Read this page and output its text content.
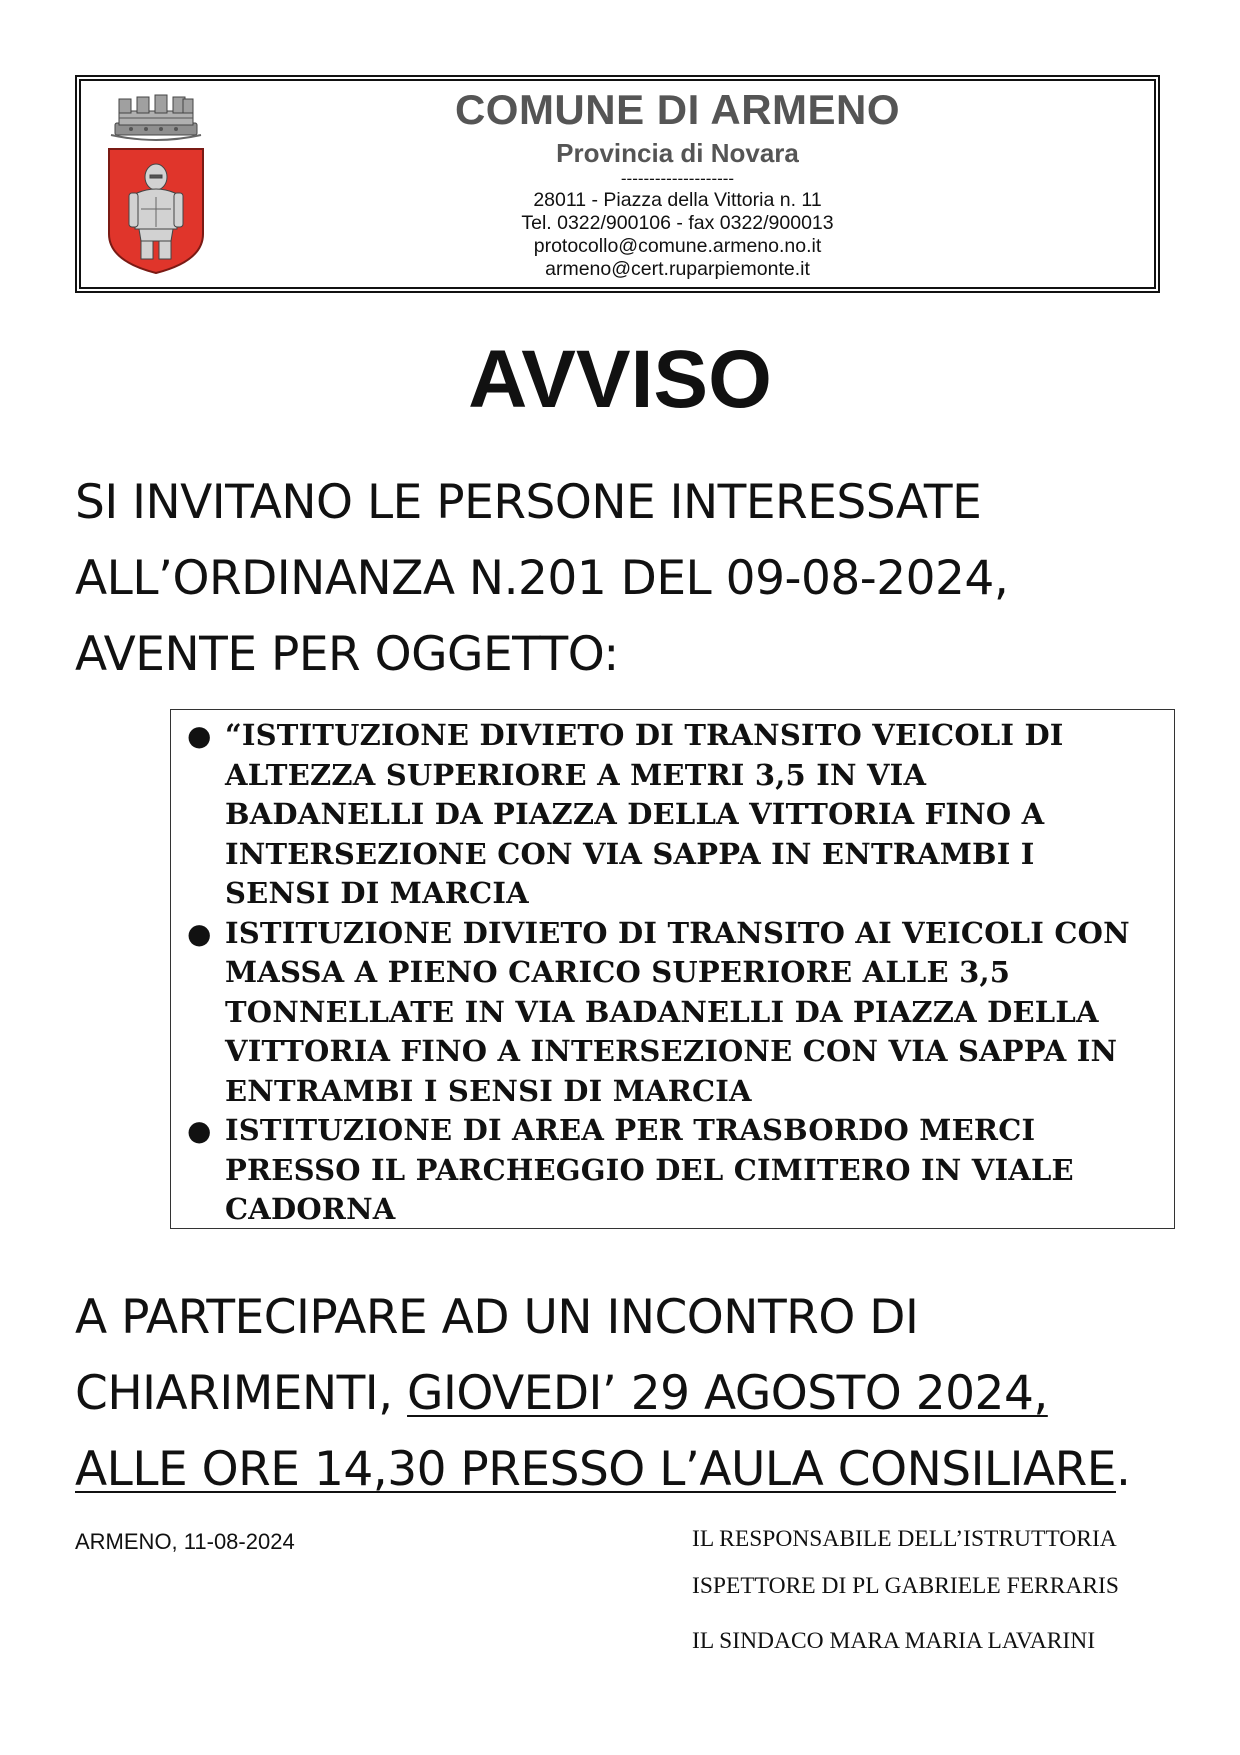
COMUNE DI ARMENO
Provincia di Novara
--------------------
28011 - Piazza della Vittoria n. 11
Tel. 0322/900106 - fax 0322/900013
protocollo@comune.armeno.no.it
armeno@cert.ruparpiemonte.it
AVVISO
SI INVITANO LE PERSONE INTERESSATE
ALL’ORDINANZA N.201 DEL 09-08-2024,
AVENTE PER OGGETTO:
● “ISTITUZIONE DIVIETO DI TRANSITO VEICOLI DI
ALTEZZA SUPERIORE A METRI 3,5 IN VIA
BADANELLI DA PIAZZA DELLA VITTORIA FINO A
INTERSEZIONE CON VIA SAPPA IN ENTRAMBI I
SENSI DI MARCIA
● ISTITUZIONE DIVIETO DI TRANSITO AI VEICOLI CON
MASSA A PIENO CARICO SUPERIORE ALLE 3,5
TONNELLATE IN VIA BADANELLI DA PIAZZA DELLA
VITTORIA FINO A INTERSEZIONE CON VIA SAPPA IN
ENTRAMBI I SENSI DI MARCIA
● ISTITUZIONE DI AREA PER TRASBORDO MERCI
PRESSO IL PARCHEGGIO DEL CIMITERO IN VIALE
CADORNA
A PARTECIPARE AD UN INCONTRO DI
CHIARIMENTI, GIOVEDI’ 29 AGOSTO 2024,
ALLE ORE 14,30 PRESSO L’AULA CONSILIARE.
ARMENO, 11-08-2024	IL RESPONSABILE DELL’ISTRUTTORIA
ISPETTORE DI PL GABRIELE FERRARIS
IL SINDACO MARA MARIA LAVARINI
